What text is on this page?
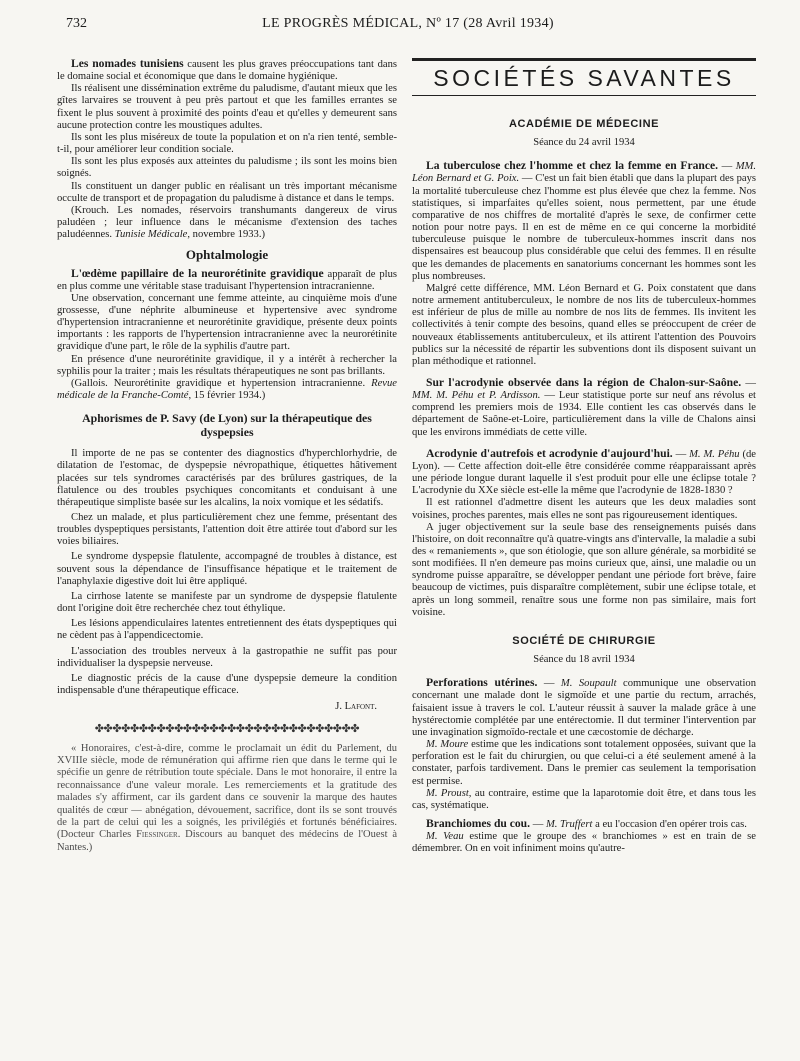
732	LE PROGRÈS MÉDICAL, Nº 17 (28 Avril 1934)

Les nomades tunisiens causent les plus graves préoccupations tant dans le domaine social et économique que dans le domaine hygiénique.

Ils réalisent une dissémination extrême du paludisme, d'autant mieux que les gîtes larvaires se trouvent à peu près partout et que les familles errantes se fixent le plus souvent à proximité des points d'eau et qu'elles y demeurent sans aucune protection contre les moustiques adultes.

Ils sont les plus miséreux de toute la population et on n'a rien tenté, semble-t-il, pour améliorer leur condition sociale.

Ils sont les plus exposés aux atteintes du paludisme ; ils sont les moins bien soignés.

Ils constituent un danger public en réalisant un très important mécanisme occulte de transport et de propagation du paludisme à distance et dans le temps.

(Krouch. Les nomades, réservoirs transhumants dangereux de virus paludéen ; leur influence dans le mécanisme d'extension des taches paludéennes. Tunisie Médicale, novembre 1933.)

Ophtalmologie

L'œdème papillaire de la neurorétinite gravidique apparaît de plus en plus comme une véritable stase traduisant l'hypertension intracranienne.

Une observation, concernant une femme atteinte, au cinquième mois d'une grossesse, d'une néphrite albumineuse et hypertensive avec syndrome d'hypertension intracranienne et neurorétinite gravidique, présente deux points importants : les rapports de l'hypertension intracranienne avec la neurorétinite gravidique d'une part, le rôle de la syphilis d'autre part.

En présence d'une neurorétinite gravidique, il y a intérêt à rechercher la syphilis pour la traiter ; mais les résultats thérapeutiques ne sont pas brillants.

(Gallois. Neurorétinite gravidique et hypertension intracranienne. Revue médicale de la Franche-Comté, 15 février 1934.)

Aphorismes de P. Savy (de Lyon) sur la thérapeutique des dyspepsies

Il importe de ne pas se contenter des diagnostics d'hyperchlorhydrie, de dilatation de l'estomac, de dyspepsie névropathique, étiquettes hâtivement placées sur tels syndromes caractérisés par des brûlures gastriques, de la flatulence ou des troubles psychiques concomitants et conduisant à une thérapeutique simpliste basée sur les alcalins, la noix vomique et les sédatifs.

Chez un malade, et plus particulièrement chez une femme, présentant des troubles dyspeptiques persistants, l'attention doit être attirée tout d'abord sur les voies biliaires.

Le syndrome dyspepsie flatulente, accompagné de troubles à distance, est souvent sous la dépendance de l'insuffisance hépatique et le traitement de l'anaphylaxie digestive doit lui être appliqué.

La cirrhose latente se manifeste par un syndrome de dyspepsie flatulente dont l'origine doit être recherchée chez tout éthylique.

Les lésions appendiculaires latentes entretiennent des états dyspeptiques qui ne cèdent pas à l'appendicectomie.

L'association des troubles nerveux à la gastropathie ne suffit pas pour individualiser la dyspepsie nerveuse.

Le diagnostic précis de la cause d'une dyspepsie demeure la condition indispensable d'une thérapeutique efficace.

J. Lafont.
✤✤✤✤✤✤✤✤✤✤✤✤✤✤✤✤✤✤✤✤✤✤✤✤✤✤✤✤✤✤

« Honoraires, c'est-à-dire, comme le proclamait un édit du Parlement, du XVIIIe siècle, mode de rémunération qui affirme rien que dans le terme qui le spécifie un genre de rétribution toute spéciale. Dans le mot honoraire, il entre la reconnaissance d'une valeur morale. Les remerciements et la gratitude des malades s'y affirment, car ils gardent dans ce souvenir la marque des hautes qualités de cœur — abnégation, dévouement, sacrifice, dont ils se sont trouvés de la part de celui qui les a soignés, les privilégiés et fortunés bénéficiaires. (Docteur Charles Fiessinger. Discours au banquet des médecins de l'Ouest à Nantes.)

SOCIÉTÉS SAVANTES
ACADÉMIE DE MÉDECINE
Séance du 24 avril 1934

La tuberculose chez l'homme et chez la femme en France. — MM. Léon Bernard et G. Poix. — C'est un fait bien établi que dans la plupart des pays la mortalité tuberculeuse chez l'homme est plus élevée que chez la femme. Nos statistiques, si imparfaites qu'elles soient, nous permettent, par une étude comparative de nos chiffres de mortalité d'après le sexe, de confirmer cette notion pour notre pays. Il en est de même en ce qui concerne la morbidité tuberculeuse puisque le nombre de tuberculeux-hommes inscrit dans nos dispensaires est beaucoup plus considérable que celui des femmes. Il en résulte que les demandes de placements en sanatoriums concernant les hommes sont les plus nombreuses.

Malgré cette différence, MM. Léon Bernard et G. Poix constatent que dans notre armement antituberculeux, le nombre de nos lits de tuberculeux-hommes est inférieur de plus de mille au nombre de nos lits de femmes. Ils invitent les collectivités à tenir compte des besoins, quand elles se préoccupent de créer de nouveaux établissements antituberculeux, et ils attirent l'attention des Pouvoirs publics sur la nécessité de répartir les subventions dont ils disposent suivant un plan méthodique et rationnel.

Sur l'acrodynie observée dans la région de Chalon-sur-Saône. — MM. M. Péhu et P. Ardisson. — Leur statistique porte sur neuf ans révolus et comprend les premiers mois de 1934. Elle contient les cas observés dans le département de Saône-et-Loire, particulièrement dans la ville de Chalons ainsi que les environs immédiats de cette ville.

Acrodynie d'autrefois et acrodynie d'aujourd'hui. — M. M. Péhu (de Lyon). — Cette affection doit-elle être considérée comme réapparaissant après une période longue durant laquelle il s'est produit pour elle une éclipse totale ? L'acrodynie du XXe siècle est-elle la même que l'acrodynie de 1828-1830 ?

Il est rationnel d'admettre disent les auteurs que les deux maladies sont voisines, proches parentes, mais elles ne sont pas rigoureusement identiques.

A juger objectivement sur la seule base des renseignements puisés dans l'histoire, on doit reconnaître qu'à quatre-vingts ans d'intervalle, la maladie a subi des « remaniements », que son étiologie, que son allure générale, sa morbidité se sont modifiées. Il n'en demeure pas moins curieux que, ainsi, une maladie ou un syndrome puisse apparaître, se développer pendant une période fort brève, faire beaucoup de victimes, puis disparaître complètement, subir une éclipse totale, et après un long sommeil, renaître sous une forme non pas similaire, mais fort voisine.

SOCIÉTÉ DE CHIRURGIE
Séance du 18 avril 1934

Perforations utérines. — M. Soupault communique une observation concernant une malade dont le sigmoïde et une partie du rectum, arrachés, faisaient issue à travers le col. L'auteur réussit à sauver la malade grâce à une hystérectomie complétée par une entérectomie. Il dut terminer l'intervention par une invagination sigmoïdo-rectale et une cæcostomie de décharge.

M. Moure estime que les indications sont totalement opposées, suivant que la perforation est le fait du chirurgien, ou que celui-ci a été seulement amené à la constater, parfois tardivement. Dans le premier cas seulement la temporisation est permise.

M. Proust, au contraire, estime que la laparotomie doit être, et dans tous les cas, systématique.

Branchiomes du cou. — M. Truffert a eu l'occasion d'en opérer trois cas.

M. Veau estime que le groupe des « branchiomes » est en train de se démembrer. On en voit infiniment moins qu'autre-
